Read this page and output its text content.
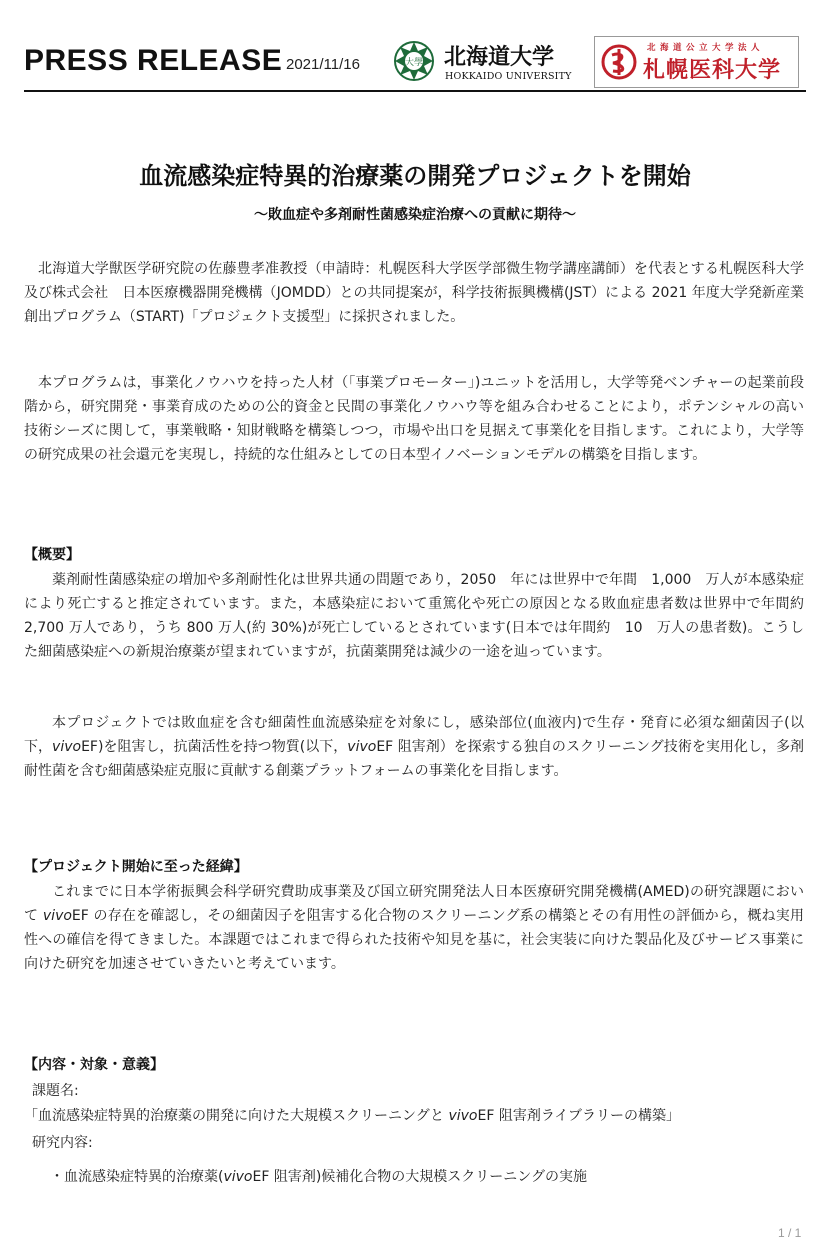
PRESS RELEASE 2021/11/16	大學 北海道大学
HOKKAIDO UNIVERSITY
北海道公立大学法人
札幌医科大学
血流感染症特異的治療薬の開発プロジェクトを開始
～敗血症や多剤耐性菌感染症治療への貢献に期待～

北海道大学獣医学研究院の佐藤豊孝准教授（申請時：札幌医科大学医学部微生物学講座講師）を代表とする札幌医科大学及び株式会社　日本医療機器開発機構（JOMDD）との共同提案が，科学技術振興機構(JST）による 2021 年度大学発新産業創出プログラム（START)「プロジェクト支援型」に採択されました。

本プログラムは，事業化ノウハウを持った人材（「事業プロモーター」)ユニットを活用し，大学等発ベンチャーの起業前段階から，研究開発・事業育成のための公的資金と民間の事業化ノウハウ等を組み合わせることにより，ポテンシャルの高い技術シーズに関して，事業戦略・知財戦略を構築しつつ，市場や出口を見据えて事業化を目指します。これにより，大学等の研究成果の社会還元を実現し，持続的な仕組みとしての日本型イノベーションモデルの構築を目指します。

【概要】

薬剤耐性菌感染症の増加や多剤耐性化は世界共通の問題であり，2050　年には世界中で年間　1,000　万人が本感染症により死亡すると推定されています。また，本感染症において重篤化や死亡の原因となる敗血症患者数は世界中で年間約 2,700 万人であり，うち 800 万人(約 30%)が死亡しているとされています(日本では年間約　10　万人の患者数)。こうした細菌感染症への新規治療薬が望まれていますが，抗菌薬開発は減少の一途を辿っています。

本プロジェクトでは敗血症を含む細菌性血流感染症を対象にし，感染部位(血液内)で生存・発育に必須な細菌因子(以下，vivoEF)を阻害し，抗菌活性を持つ物質(以下，vivoEF 阻害剤）を探索する独自のスクリーニング技術を実用化し，多剤耐性菌を含む細菌感染症克服に貢献する創薬プラットフォームの事業化を目指します。

【プロジェクト開始に至った経緯】

これまでに日本学術振興会科学研究費助成事業及び国立研究開発法人日本医療研究開発機構(AMED)の研究課題において vivoEF の存在を確認し，その細菌因子を阻害する化合物のスクリーニング系の構築とその有用性の評価から，概ね実用性への確信を得てきました。本課題ではこれまで得られた技術や知見を基に，社会実装に向けた製品化及びサービス事業に向けた研究を加速させていきたいと考えています。

【内容・対象・意義】

課題名:

「血流感染症特異的治療薬の開発に向けた大規模スクリーニングと vivoEF 阻害剤ライブラリーの構築」

研究内容:

・血流感染症特異的治療薬(vivoEF 阻害剤)候補化合物の大規模スクリーニングの実施

1 / 1
